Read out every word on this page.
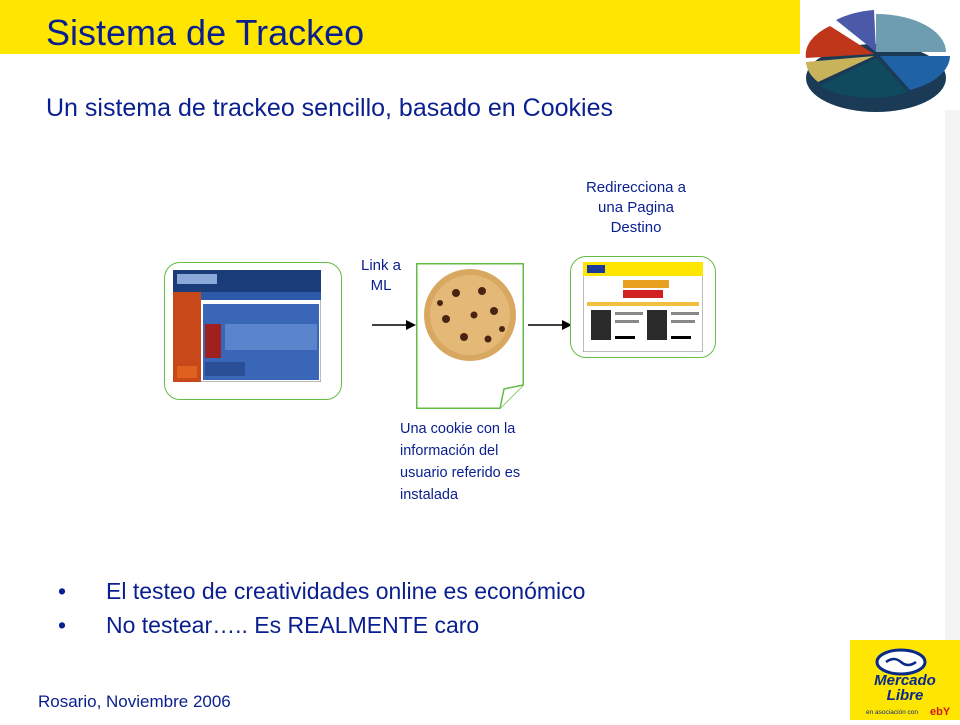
Sistema de Trackeo
Un sistema de trackeo sencillo, basado en Cookies
Redirecciona a una Pagina Destino
Link a ML
Una cookie con la
información del
usuario referido es
instalada
• El testeo de creatividades online es económico
• No testear….. Es REALMENTE caro
Rosario, Noviembre 2006
Mercado
Libre
en asociación con ebY
